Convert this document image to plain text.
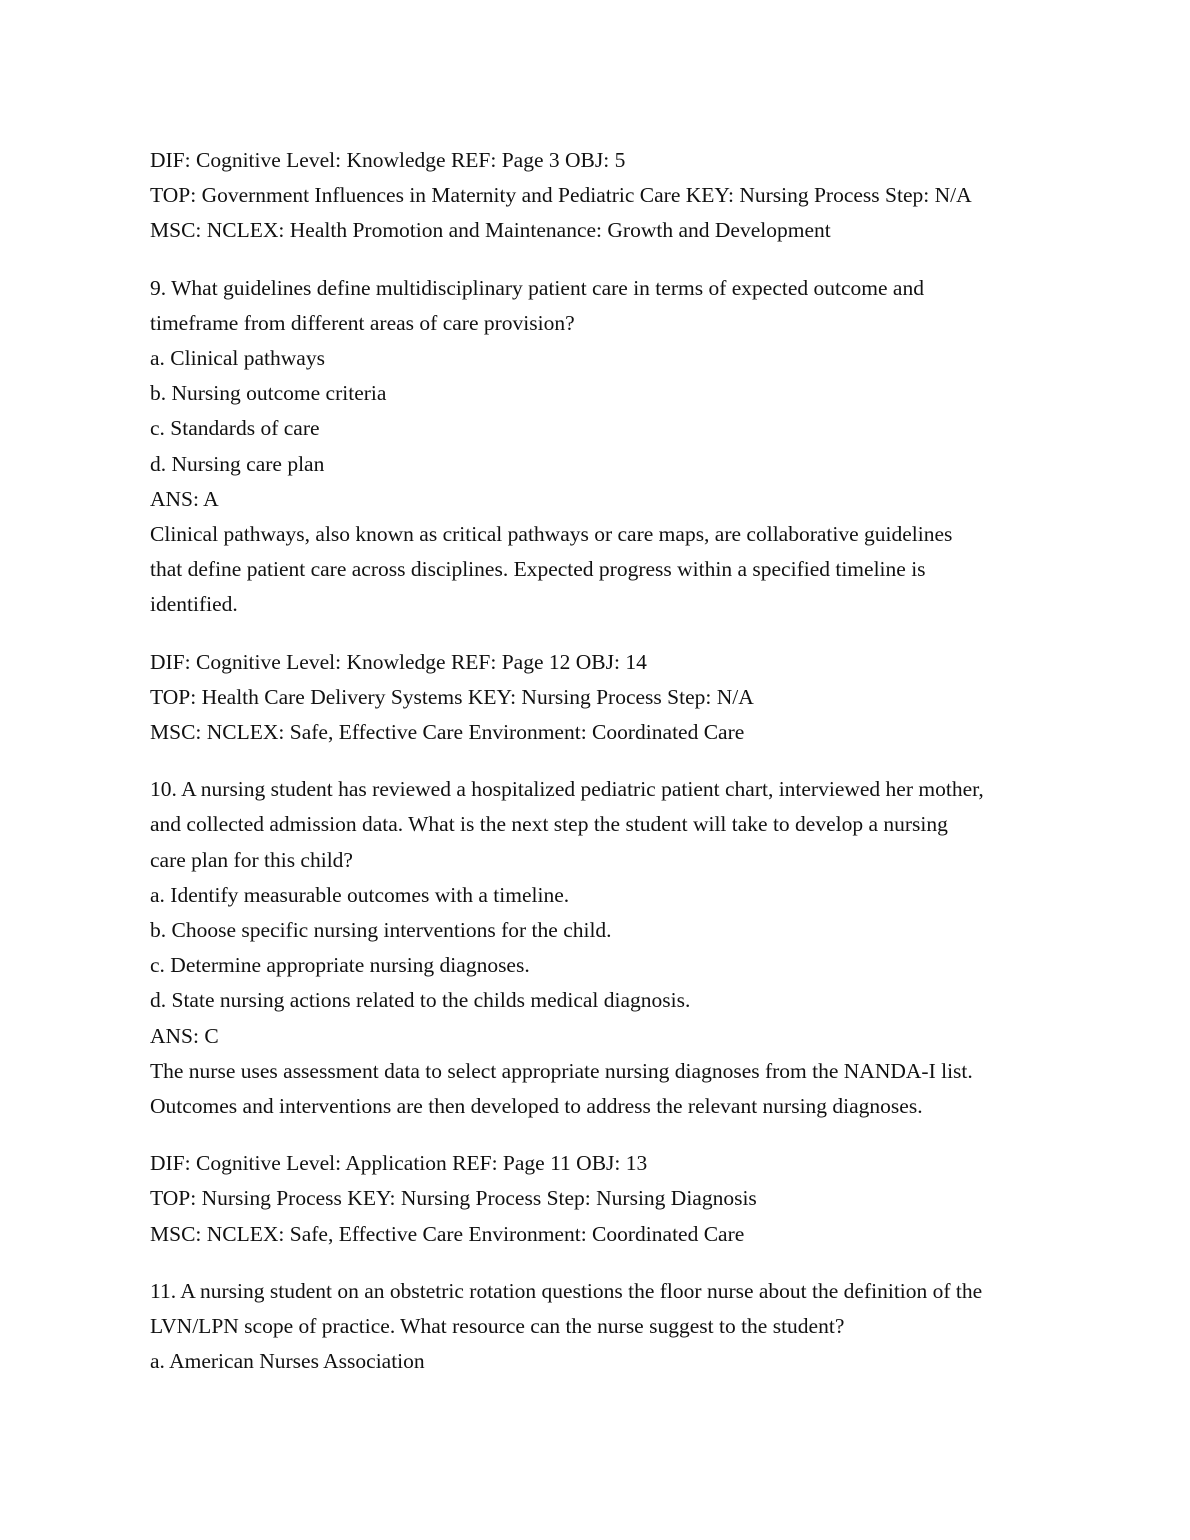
DIF: Cognitive Level: Knowledge REF: Page 3 OBJ: 5
TOP: Government Influences in Maternity and Pediatric Care KEY: Nursing Process Step: N/A
MSC: NCLEX: Health Promotion and Maintenance: Growth and Development
9. What guidelines define multidisciplinary patient care in terms of expected outcome and
timeframe from different areas of care provision?
a. Clinical pathways
b. Nursing outcome criteria
c. Standards of care
d. Nursing care plan
ANS: A
Clinical pathways, also known as critical pathways or care maps, are collaborative guidelines
that define patient care across disciplines. Expected progress within a specified timeline is
identified.
DIF: Cognitive Level: Knowledge REF: Page 12 OBJ: 14
TOP: Health Care Delivery Systems KEY: Nursing Process Step: N/A
MSC: NCLEX: Safe, Effective Care Environment: Coordinated Care
10. A nursing student has reviewed a hospitalized pediatric patient chart, interviewed her mother,
and collected admission data. What is the next step the student will take to develop a nursing
care plan for this child?
a. Identify measurable outcomes with a timeline.
b. Choose specific nursing interventions for the child.
c. Determine appropriate nursing diagnoses.
d. State nursing actions related to the childs medical diagnosis.
ANS: C
The nurse uses assessment data to select appropriate nursing diagnoses from the NANDA-I list.
Outcomes and interventions are then developed to address the relevant nursing diagnoses.
DIF: Cognitive Level: Application REF: Page 11 OBJ: 13
TOP: Nursing Process KEY: Nursing Process Step: Nursing Diagnosis
MSC: NCLEX: Safe, Effective Care Environment: Coordinated Care
11. A nursing student on an obstetric rotation questions the floor nurse about the definition of the
LVN/LPN scope of practice. What resource can the nurse suggest to the student?
a. American Nurses Association
